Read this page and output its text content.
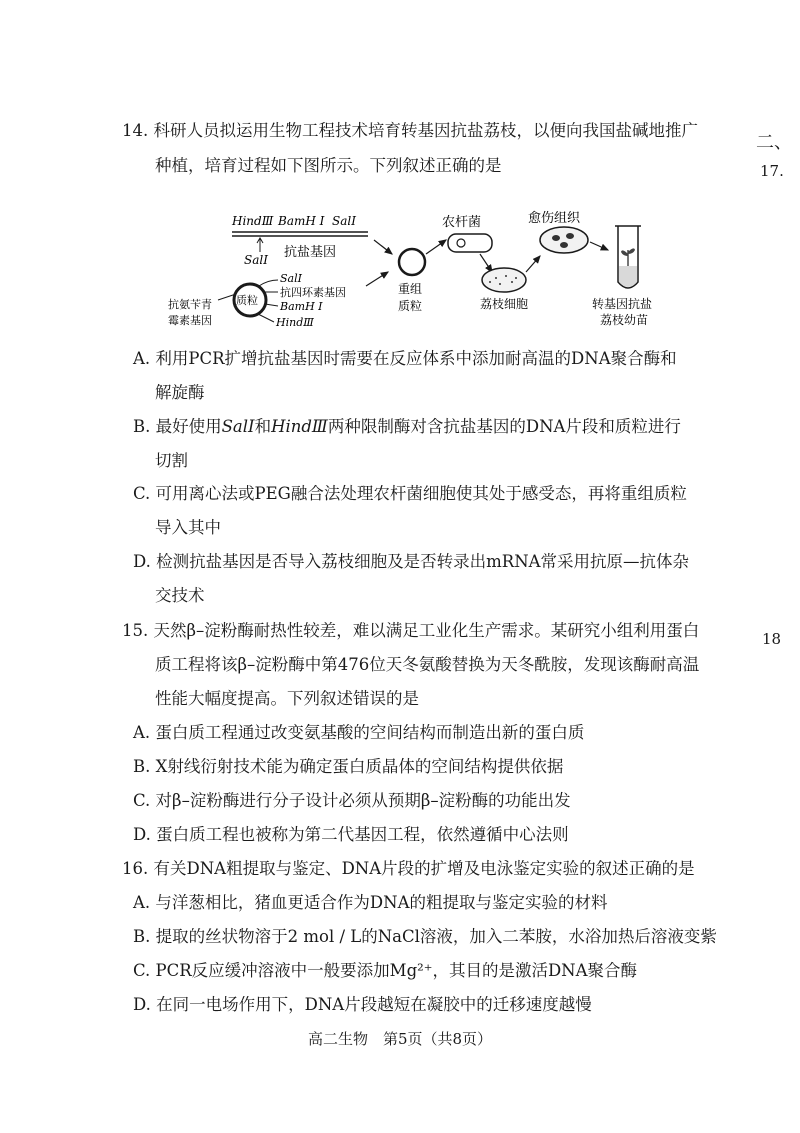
二、
17.
18
14. 科研人员拟运用生物工程技术培育转基因抗盐荔枝，以便向我国盐碱地推广
种植，培育过程如下图所示。下列叙述正确的是
HindⅢ BamH I SalⅠ
SalⅠ 抗盐基因
质粒
SalⅠ
抗四环素基因
BamH I
HindⅢ
抗氨苄青
霉素基因
重组
质粒
农杆菌
荔枝细胞
愈伤组织
转基因抗盐
荔枝幼苗
A. 利用PCR扩增抗盐基因时需要在反应体系中添加耐高温的DNA聚合酶和
解旋酶
B. 最好使用SalⅠ和HindⅢ两种限制酶对含抗盐基因的DNA片段和质粒进行
切割
C. 可用离心法或PEG融合法处理农杆菌细胞使其处于感受态，再将重组质粒
导入其中
D. 检测抗盐基因是否导入荔枝细胞及是否转录出mRNA常采用抗原—抗体杂
交技术
15. 天然β–淀粉酶耐热性较差，难以满足工业化生产需求。某研究小组利用蛋白
质工程将该β–淀粉酶中第476位天冬氨酸替换为天冬酰胺，发现该酶耐高温
性能大幅度提高。下列叙述错误的是
A. 蛋白质工程通过改变氨基酸的空间结构而制造出新的蛋白质
B. X射线衍射技术能为确定蛋白质晶体的空间结构提供依据
C. 对β–淀粉酶进行分子设计必须从预期β–淀粉酶的功能出发
D. 蛋白质工程也被称为第二代基因工程，依然遵循中心法则
16. 有关DNA粗提取与鉴定、DNA片段的扩增及电泳鉴定实验的叙述正确的是
A. 与洋葱相比，猪血更适合作为DNA的粗提取与鉴定实验的材料
B. 提取的丝状物溶于2 mol / L的NaCl溶液，加入二苯胺，水浴加热后溶液变紫
C. PCR反应缓冲溶液中一般要添加Mg²⁺，其目的是激活DNA聚合酶
D. 在同一电场作用下，DNA片段越短在凝胶中的迁移速度越慢
高二生物　第5页（共8页）
